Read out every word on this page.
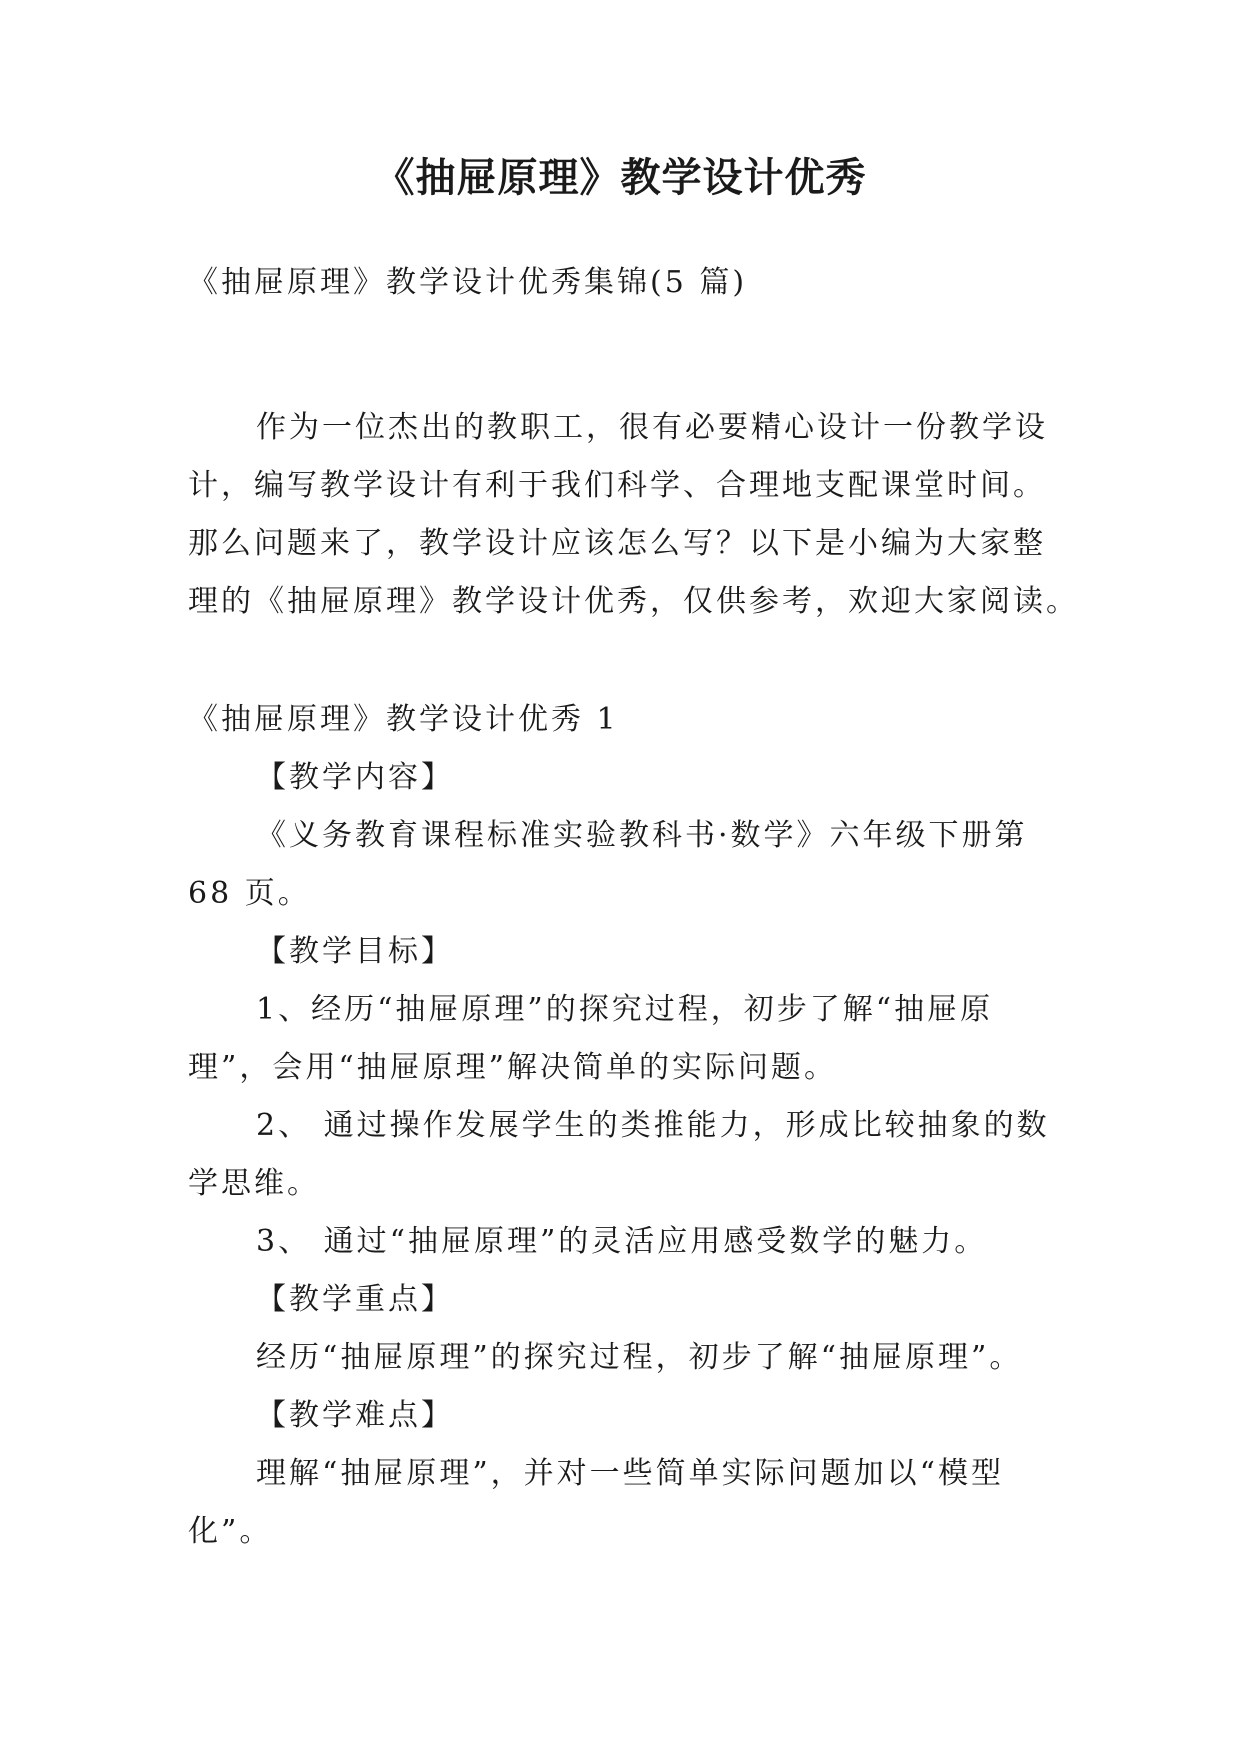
《抽屉原理》教学设计优秀

《抽屉原理》教学设计优秀集锦(5 篇)

作为一位杰出的教职工，很有必要精心设计一份教学设

计，编写教学设计有利于我们科学、合理地支配课堂时间。

那么问题来了，教学设计应该怎么写？以下是小编为大家整

理的《抽屉原理》教学设计优秀，仅供参考，欢迎大家阅读。

《抽屉原理》教学设计优秀 1

【教学内容】

《义务教育课程标准实验教科书·数学》六年级下册第

68 页。

【教学目标】

1、经历“抽屉原理”的探究过程，初步了解“抽屉原

理”，会用“抽屉原理”解决简单的实际问题。

2、 通过操作发展学生的类推能力，形成比较抽象的数

学思维。

3、 通过“抽屉原理”的灵活应用感受数学的魅力。

【教学重点】

经历“抽屉原理”的探究过程，初步了解“抽屉原理”。

【教学难点】

理解“抽屉原理”，并对一些简单实际问题加以“模型

化”。
